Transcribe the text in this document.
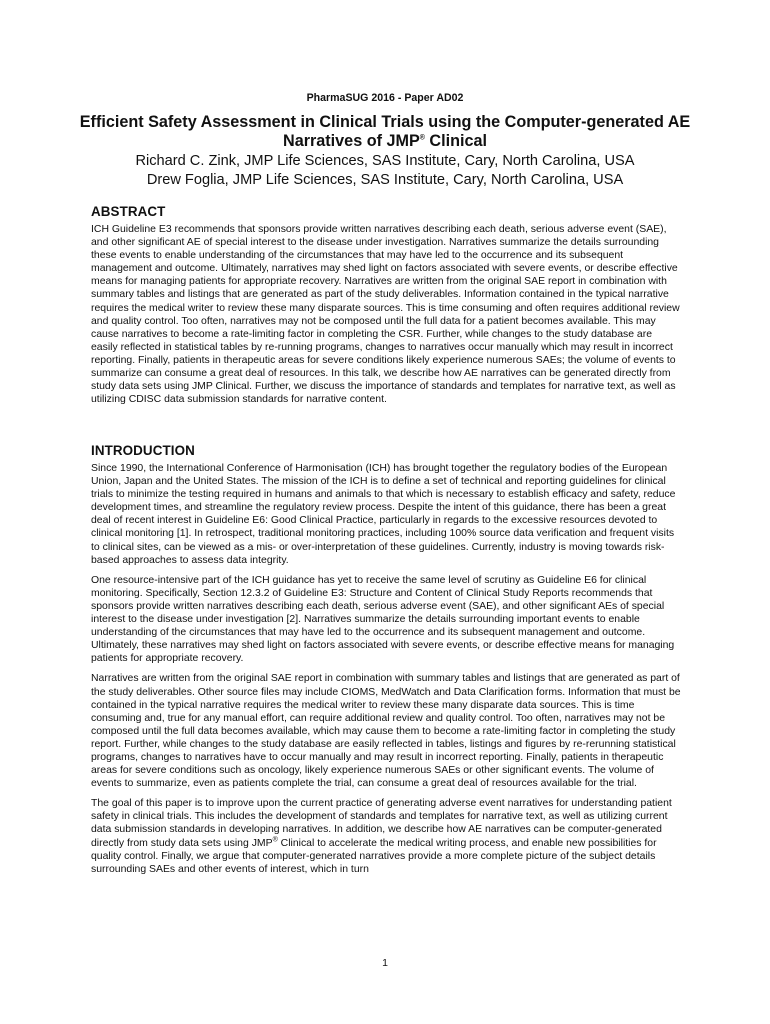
PharmaSUG 2016 - Paper AD02
Efficient Safety Assessment in Clinical Trials using the Computer-generated AE Narratives of JMP® Clinical
Richard C. Zink, JMP Life Sciences, SAS Institute, Cary, North Carolina, USA
Drew Foglia, JMP Life Sciences, SAS Institute, Cary, North Carolina, USA
ABSTRACT

ICH Guideline E3 recommends that sponsors provide written narratives describing each death, serious adverse event (SAE), and other significant AE of special interest to the disease under investigation. Narratives summarize the details surrounding these events to enable understanding of the circumstances that may have led to the occurrence and its subsequent management and outcome. Ultimately, narratives may shed light on factors associated with severe events, or describe effective means for managing patients for appropriate recovery. Narratives are written from the original SAE report in combination with summary tables and listings that are generated as part of the study deliverables. Information contained in the typical narrative requires the medical writer to review these many disparate sources. This is time consuming and often requires additional review and quality control. Too often, narratives may not be composed until the full data for a patient becomes available. This may cause narratives to become a rate-limiting factor in completing the CSR. Further, while changes to the study database are easily reflected in statistical tables by re-running programs, changes to narratives occur manually which may result in incorrect reporting. Finally, patients in therapeutic areas for severe conditions likely experience numerous SAEs; the volume of events to summarize can consume a great deal of resources. In this talk, we describe how AE narratives can be generated directly from study data sets using JMP Clinical. Further, we discuss the importance of standards and templates for narrative text, as well as utilizing CDISC data submission standards for narrative content.

INTRODUCTION

Since 1990, the International Conference of Harmonisation (ICH) has brought together the regulatory bodies of the European Union, Japan and the United States. The mission of the ICH is to define a set of technical and reporting guidelines for clinical trials to minimize the testing required in humans and animals to that which is necessary to establish efficacy and safety, reduce development times, and streamline the regulatory review process. Despite the intent of this guidance, there has been a great deal of recent interest in Guideline E6: Good Clinical Practice, particularly in regards to the excessive resources devoted to clinical monitoring [1]. In retrospect, traditional monitoring practices, including 100% source data verification and frequent visits to clinical sites, can be viewed as a mis- or over-interpretation of these guidelines. Currently, industry is moving towards risk-based approaches to assess data integrity.

One resource-intensive part of the ICH guidance has yet to receive the same level of scrutiny as Guideline E6 for clinical monitoring. Specifically, Section 12.3.2 of Guideline E3: Structure and Content of Clinical Study Reports recommends that sponsors provide written narratives describing each death, serious adverse event (SAE), and other significant AEs of special interest to the disease under investigation [2]. Narratives summarize the details surrounding important events to enable understanding of the circumstances that may have led to the occurrence and its subsequent management and outcome. Ultimately, these narratives may shed light on factors associated with severe events, or describe effective means for managing patients for appropriate recovery.

Narratives are written from the original SAE report in combination with summary tables and listings that are generated as part of the study deliverables. Other source files may include CIOMS, MedWatch and Data Clarification forms. Information that must be contained in the typical narrative requires the medical writer to review these many disparate data sources. This is time consuming and, true for any manual effort, can require additional review and quality control. Too often, narratives may not be composed until the full data becomes available, which may cause them to become a rate-limiting factor in completing the study report. Further, while changes to the study database are easily reflected in tables, listings and figures by re-rerunning statistical programs, changes to narratives have to occur manually and may result in incorrect reporting. Finally, patients in therapeutic areas for severe conditions such as oncology, likely experience numerous SAEs or other significant events. The volume of events to summarize, even as patients complete the trial, can consume a great deal of resources available for the trial.

The goal of this paper is to improve upon the current practice of generating adverse event narratives for understanding patient safety in clinical trials. This includes the development of standards and templates for narrative text, as well as utilizing current data submission standards in developing narratives. In addition, we describe how AE narratives can be computer-generated directly from study data sets using JMP® Clinical to accelerate the medical writing process, and enable new possibilities for quality control. Finally, we argue that computer-generated narratives provide a more complete picture of the subject details surrounding SAEs and other events of interest, which in turn

1
